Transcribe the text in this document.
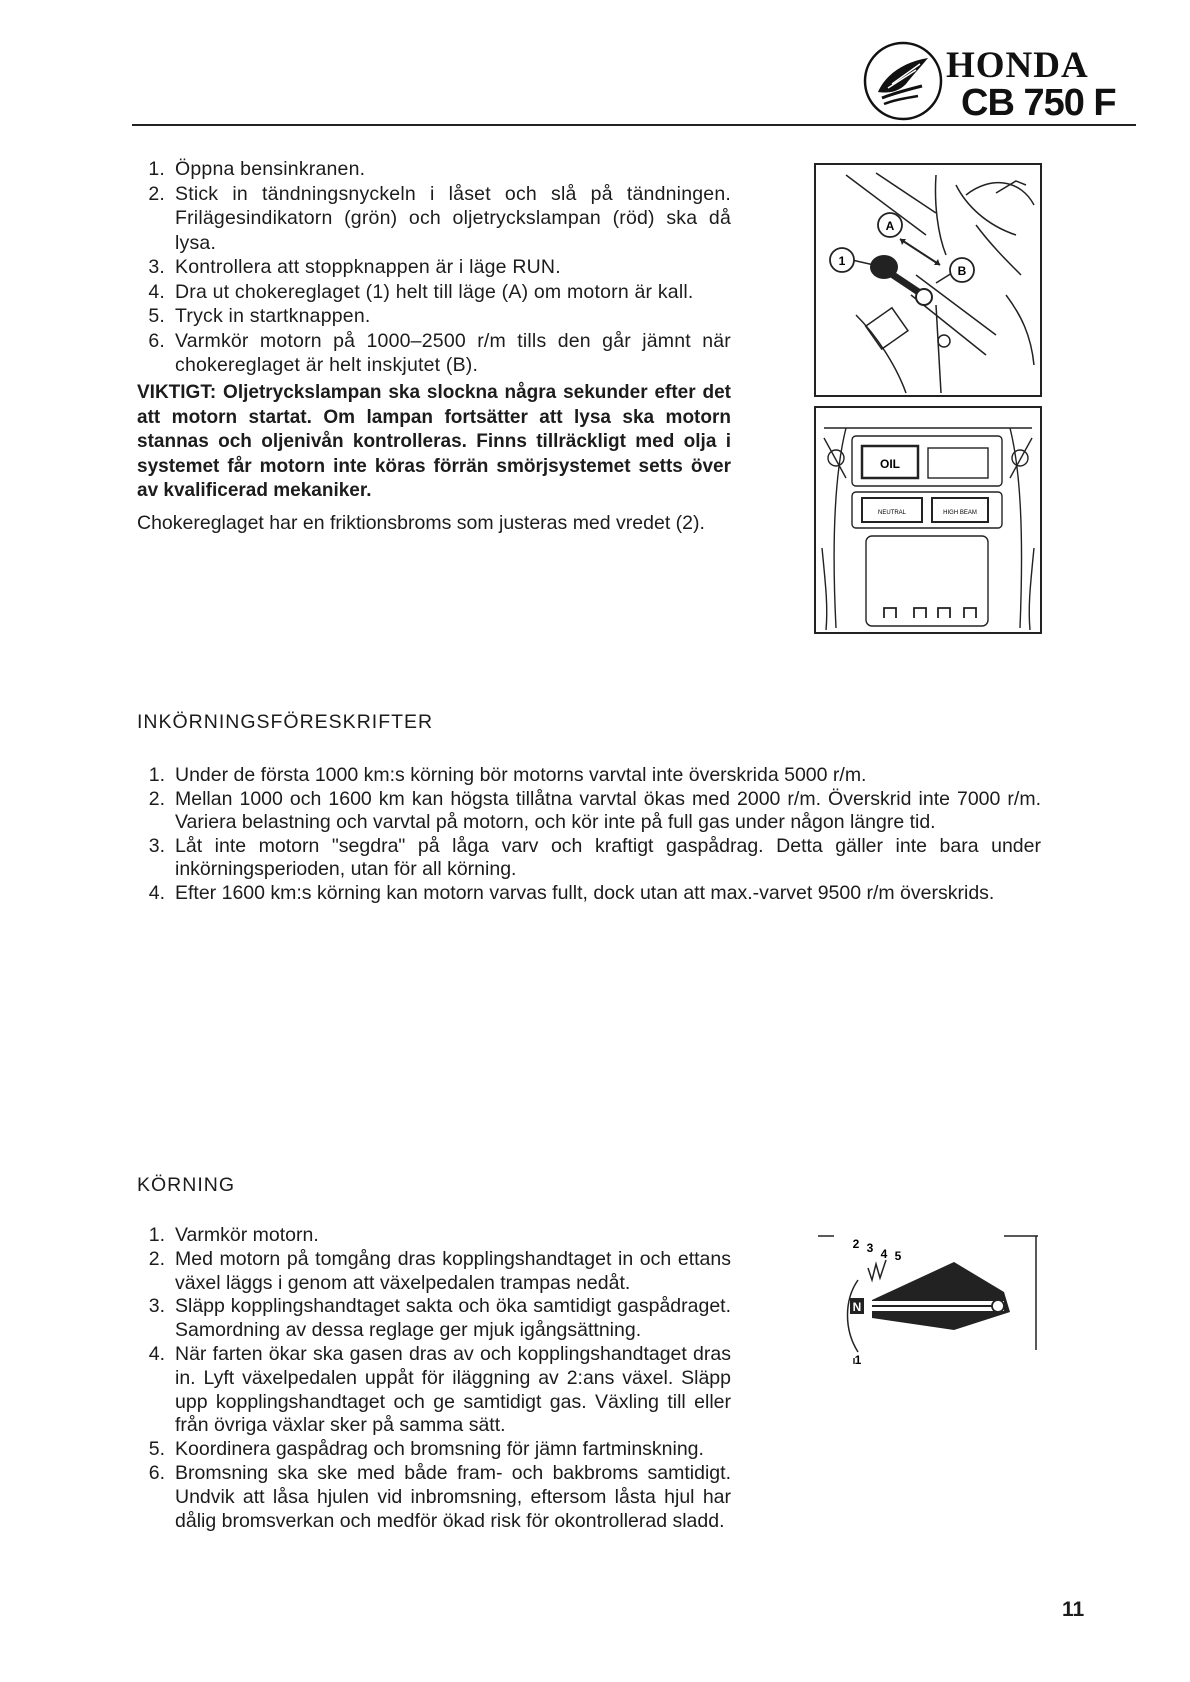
HONDA
CB 750 F
1. Öppna bensinkranen.
2. Stick in tändningsnyckeln i låset och slå på tändningen. Frilägesindikatorn (grön) och oljetryckslampan (röd) ska då lysa.
3. Kontrollera att stoppknappen är i läge RUN.
4. Dra ut chokereglaget (1) helt till läge (A) om motorn är kall.
5. Tryck in startknappen.
6. Varmkör motorn på 1000–2500 r/m tills den går jämnt när chokereglaget är helt inskjutet (B).
VIKTIGT: Oljetryckslampan ska slockna några sekunder efter det att motorn startat. Om lampan fortsätter att lysa ska motorn stannas och oljenivån kontrolleras. Finns tillräckligt med olja i systemet får motorn inte köras förrän smörjsystemet setts över av kvalificerad mekaniker.
Chokereglaget har en friktionsbroms som justeras med vredet (2).
A
B
1
OIL
NEUTRAL	HIGH BEAM
INKÖRNINGSFÖRESKRIFTER
1. Under de första 1000 km:s körning bör motorns varvtal inte överskrida 5000 r/m.
2. Mellan 1000 och 1600 km kan högsta tillåtna varvtal ökas med 2000 r/m. Överskrid inte 7000 r/m. Variera belastning och varvtal på motorn, och kör inte på full gas under någon längre tid.
3. Låt inte motorn "segdra" på låga varv och kraftigt gaspådrag. Detta gäller inte bara under inkörningsperioden, utan för all körning.
4. Efter 1600 km:s körning kan motorn varvas fullt, dock utan att max.-varvet 9500 r/m överskrids.
KÖRNING
1. Varmkör motorn.
2. Med motorn på tomgång dras kopplingshandtaget in och ettans växel läggs i genom att växelpedalen trampas nedåt.
3. Släpp kopplingshandtaget sakta och öka samtidigt gaspådraget. Samordning av dessa reglage ger mjuk igångsättning.
4. När farten ökar ska gasen dras av och kopplingshandtaget dras in. Lyft växelpedalen uppåt för iläggning av 2:ans växel. Släpp upp kopplingshandtaget och ge samtidigt gas. Växling till eller från övriga växlar sker på samma sätt.
5. Koordinera gaspådrag och bromsning för jämn fartminskning.
6. Bromsning ska ske med både fram- och bakbroms samtidigt. Undvik att låsa hjulen vid inbromsning, eftersom låsta hjul har dålig bromsverkan och medför ökad risk för okontrollerad sladd.
N
2 3 4 5
1
11
